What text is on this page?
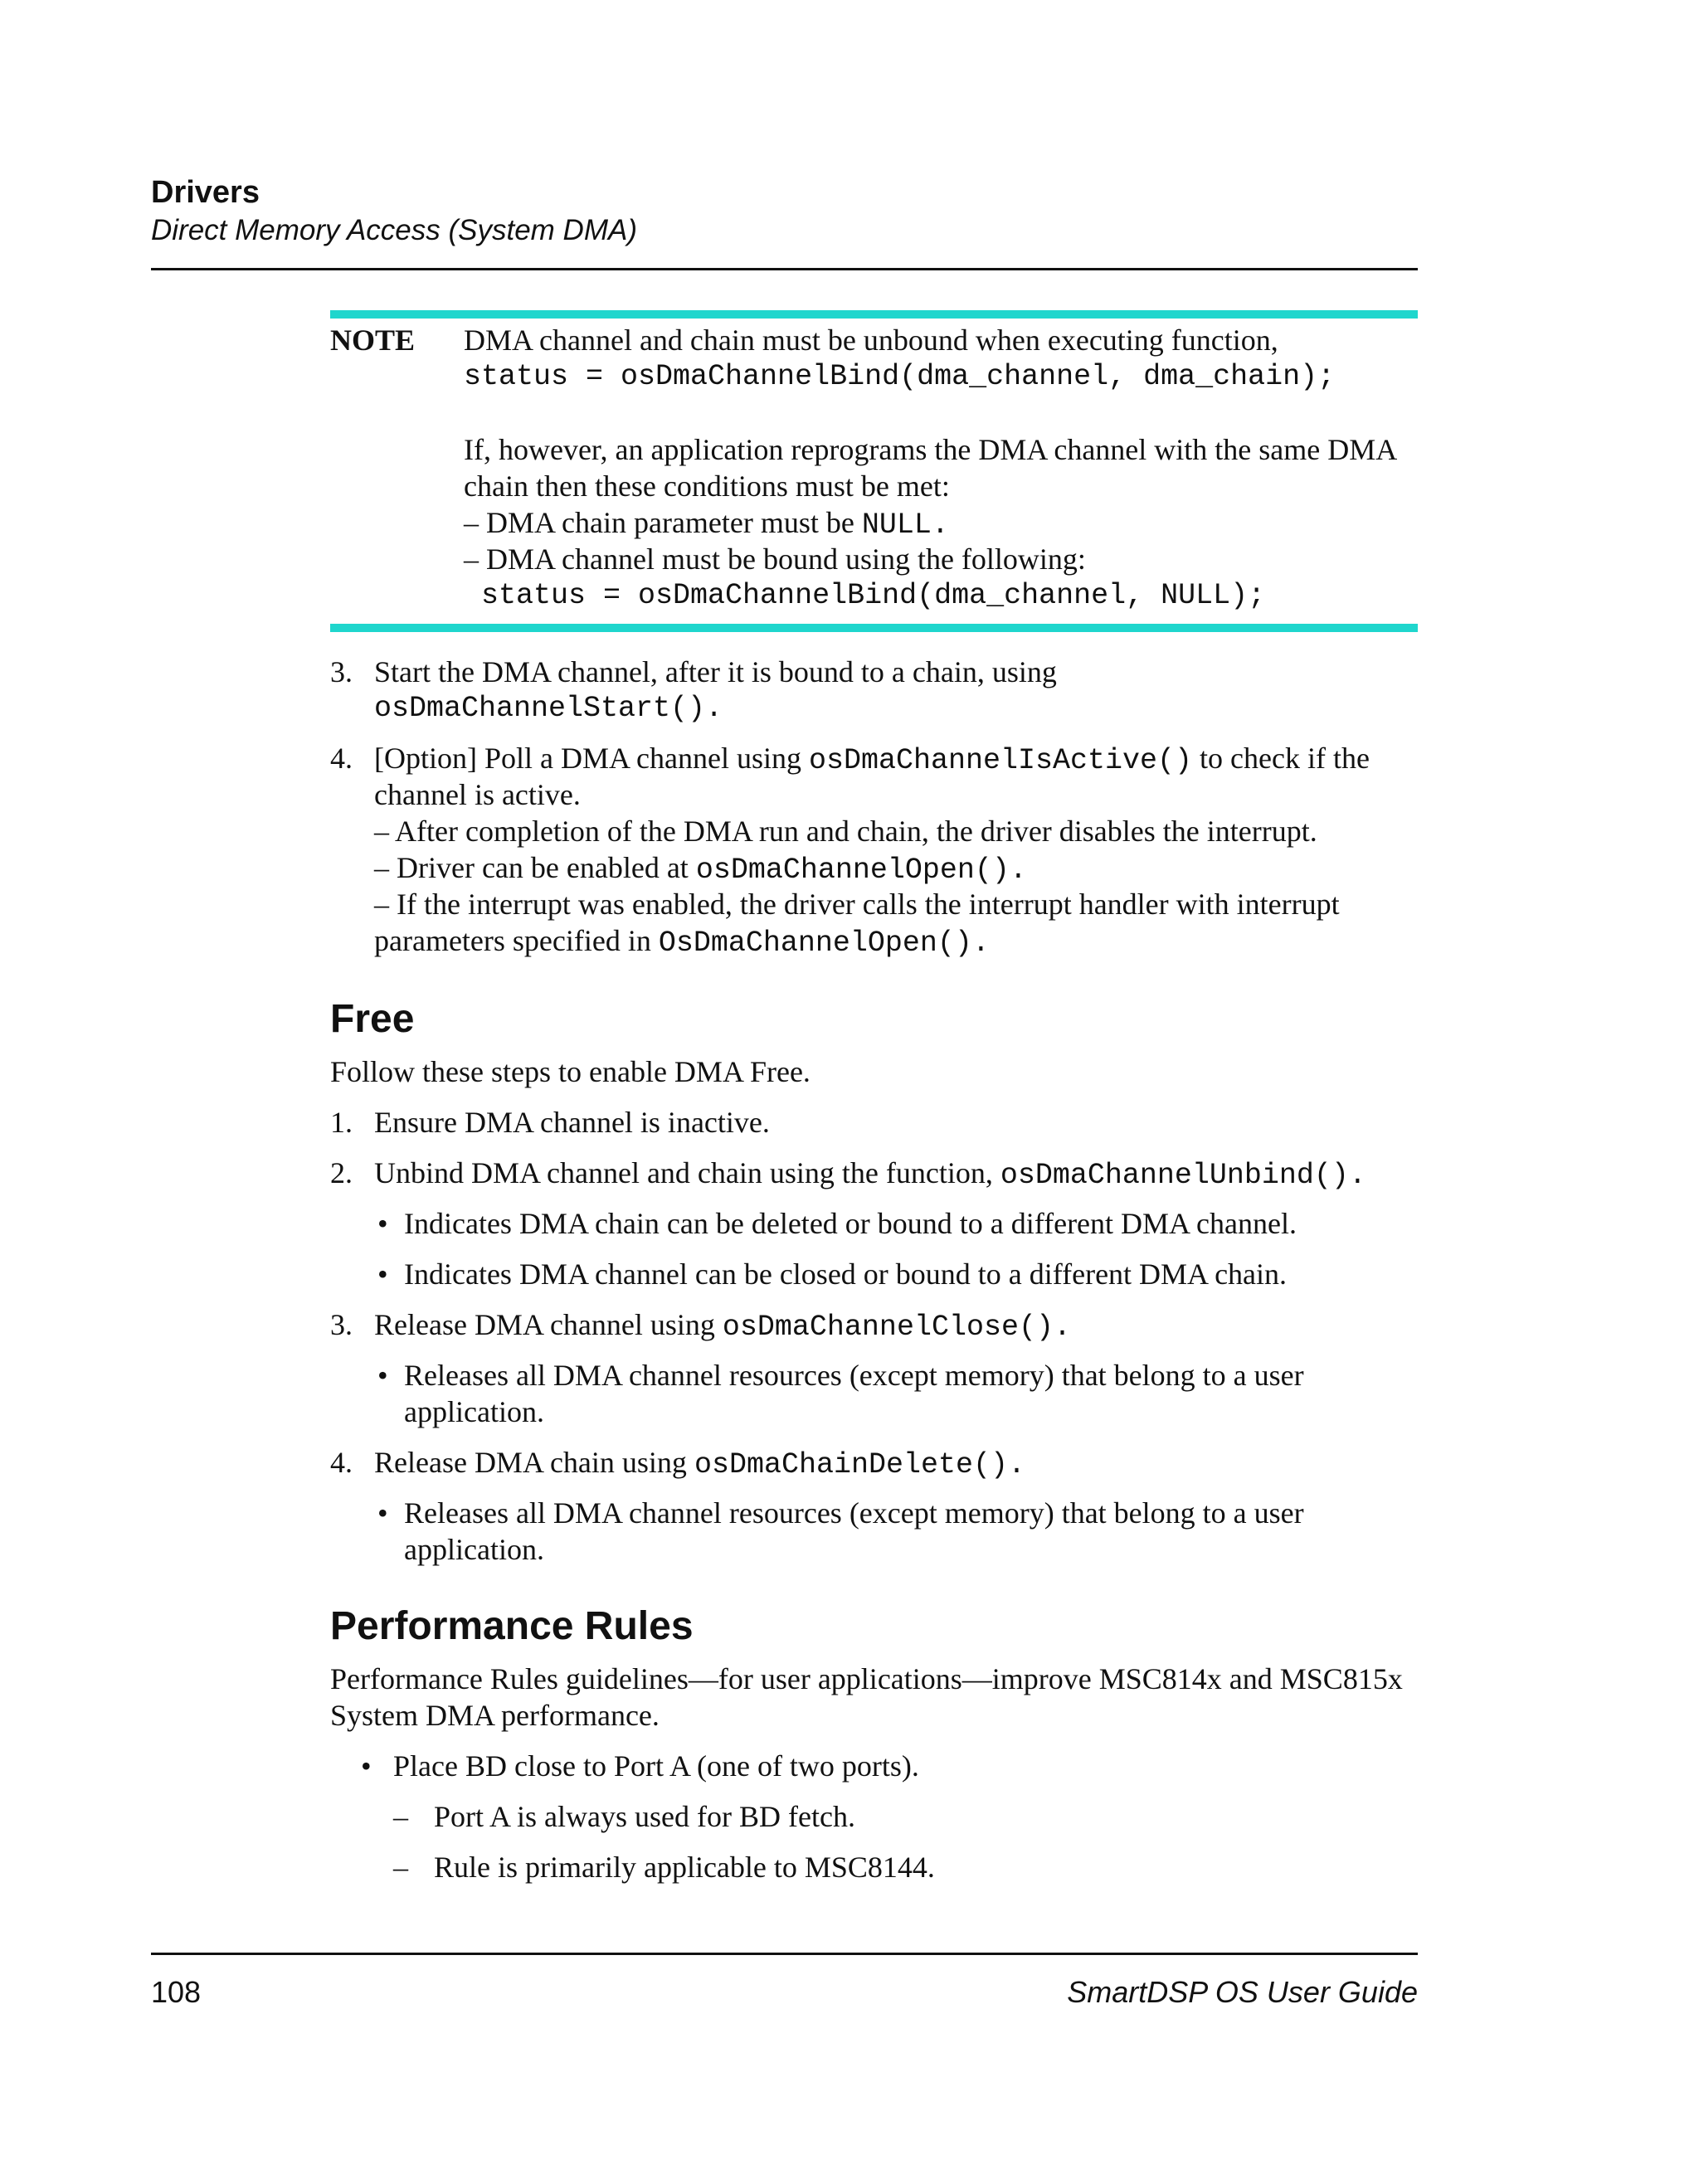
Drivers
Direct Memory Access (System DMA)
NOTE DMA channel and chain must be unbound when executing function,
status = osDmaChannelBind(dma_channel, dma_chain);
If, however, an application reprograms the DMA channel with the same DMA
chain then these conditions must be met:
– DMA chain parameter must be NULL.
– DMA channel must be bound using the following:
status = osDmaChannelBind(dma_channel, NULL);
3. Start the DMA channel, after it is bound to a chain, using
osDmaChannelStart().
4. [Option] Poll a DMA channel using osDmaChannelIsActive() to check if the
channel is active.
– After completion of the DMA run and chain, the driver disables the interrupt.
– Driver can be enabled at osDmaChannelOpen().
– If the interrupt was enabled, the driver calls the interrupt handler with interrupt
parameters specified in OsDmaChannelOpen().
Free
Follow these steps to enable DMA Free.
1. Ensure DMA channel is inactive.
2. Unbind DMA channel and chain using the function, osDmaChannelUnbind().
• Indicates DMA chain can be deleted or bound to a different DMA channel.
• Indicates DMA channel can be closed or bound to a different DMA chain.
3. Release DMA channel using osDmaChannelClose().
• Releases all DMA channel resources (except memory) that belong to a user
application.
4. Release DMA chain using osDmaChainDelete().
• Releases all DMA channel resources (except memory) that belong to a user
application.
Performance Rules
Performance Rules guidelines—for user applications—improve MSC814x and MSC815x
System DMA performance.
• Place BD close to Port A (one of two ports).
– Port A is always used for BD fetch.
– Rule is primarily applicable to MSC8144.
108	SmartDSP OS User Guide
